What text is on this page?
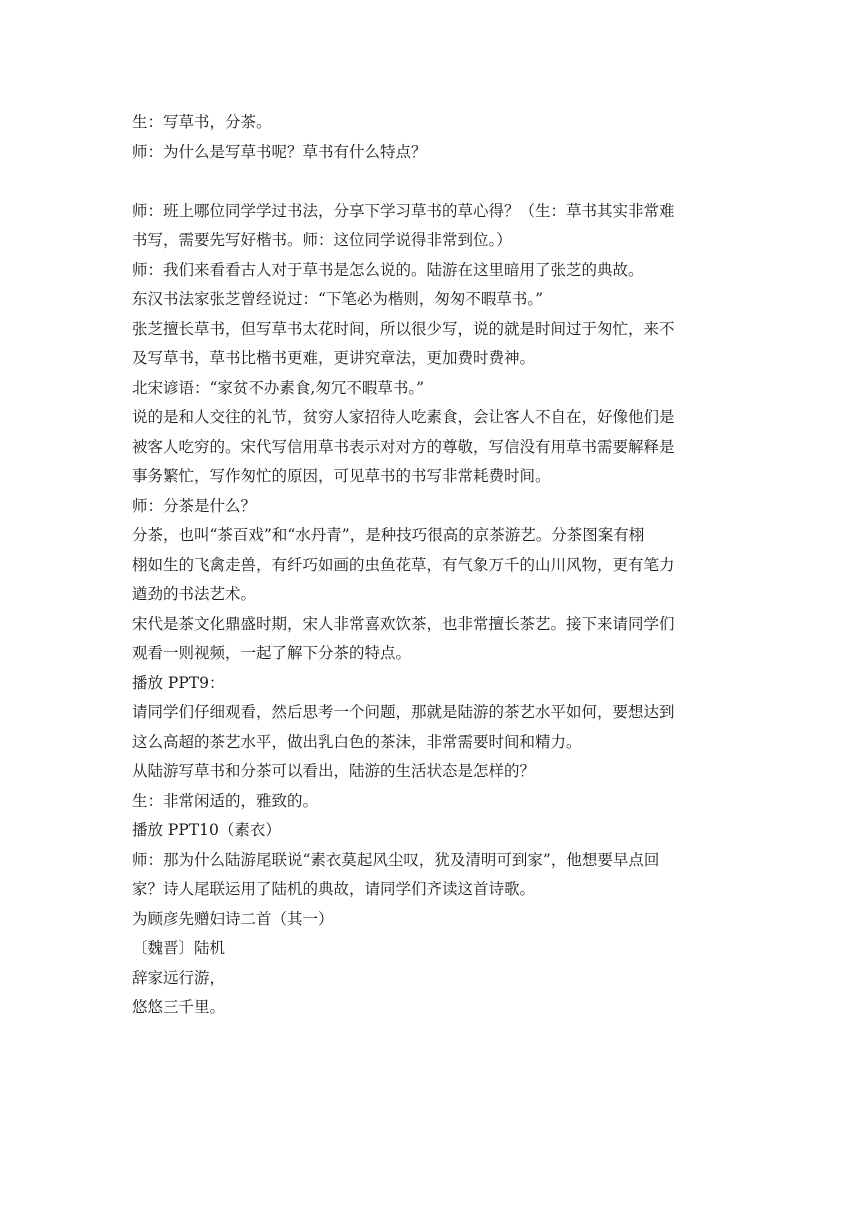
生：写草书，分茶。

师：为什么是写草书呢？草书有什么特点？

师：班上哪位同学学过书法，分享下学习草书的草心得？（生：草书其实非常难

书写，需要先写好楷书。师：这位同学说得非常到位。）

师：我们来看看古人对于草书是怎么说的。陆游在这里暗用了张芝的典故。

东汉书法家张芝曾经说过：“下笔必为楷则，匆匆不暇草书。”

张芝擅长草书，但写草书太花时间，所以很少写，说的就是时间过于匆忙，来不

及写草书，草书比楷书更难，更讲究章法，更加费时费神。

北宋谚语：“家贫不办素食,匆冗不暇草书。”

说的是和人交往的礼节，贫穷人家招待人吃素食，会让客人不自在，好像他们是

被客人吃穷的。宋代写信用草书表示对对方的尊敬，写信没有用草书需要解释是

事务繁忙，写作匆忙的原因，可见草书的书写非常耗费时间。

师：分茶是什么？

分茶，也叫“茶百戏”和“水丹青”，是种技巧很高的京茶游艺。分茶图案有栩

栩如生的飞禽走兽，有纤巧如画的虫鱼花草，有气象万千的山川风物，更有笔力

遒劲的书法艺术。

宋代是茶文化鼎盛时期，宋人非常喜欢饮茶，也非常擅长茶艺。接下来请同学们

观看一则视频，一起了解下分茶的特点。

播放 PPT9：

请同学们仔细观看，然后思考一个问题，那就是陆游的茶艺水平如何，要想达到

这么高超的茶艺水平，做出乳白色的茶沫，非常需要时间和精力。

从陆游写草书和分茶可以看出，陆游的生活状态是怎样的？

生：非常闲适的，雅致的。

播放 PPT10（素衣）

师：那为什么陆游尾联说“素衣莫起风尘叹，犹及清明可到家”，他想要早点回

家？诗人尾联运用了陆机的典故，请同学们齐读这首诗歌。

为顾彦先赠妇诗二首（其一）

〔魏晋〕陆机

辞家远行游，

悠悠三千里。
